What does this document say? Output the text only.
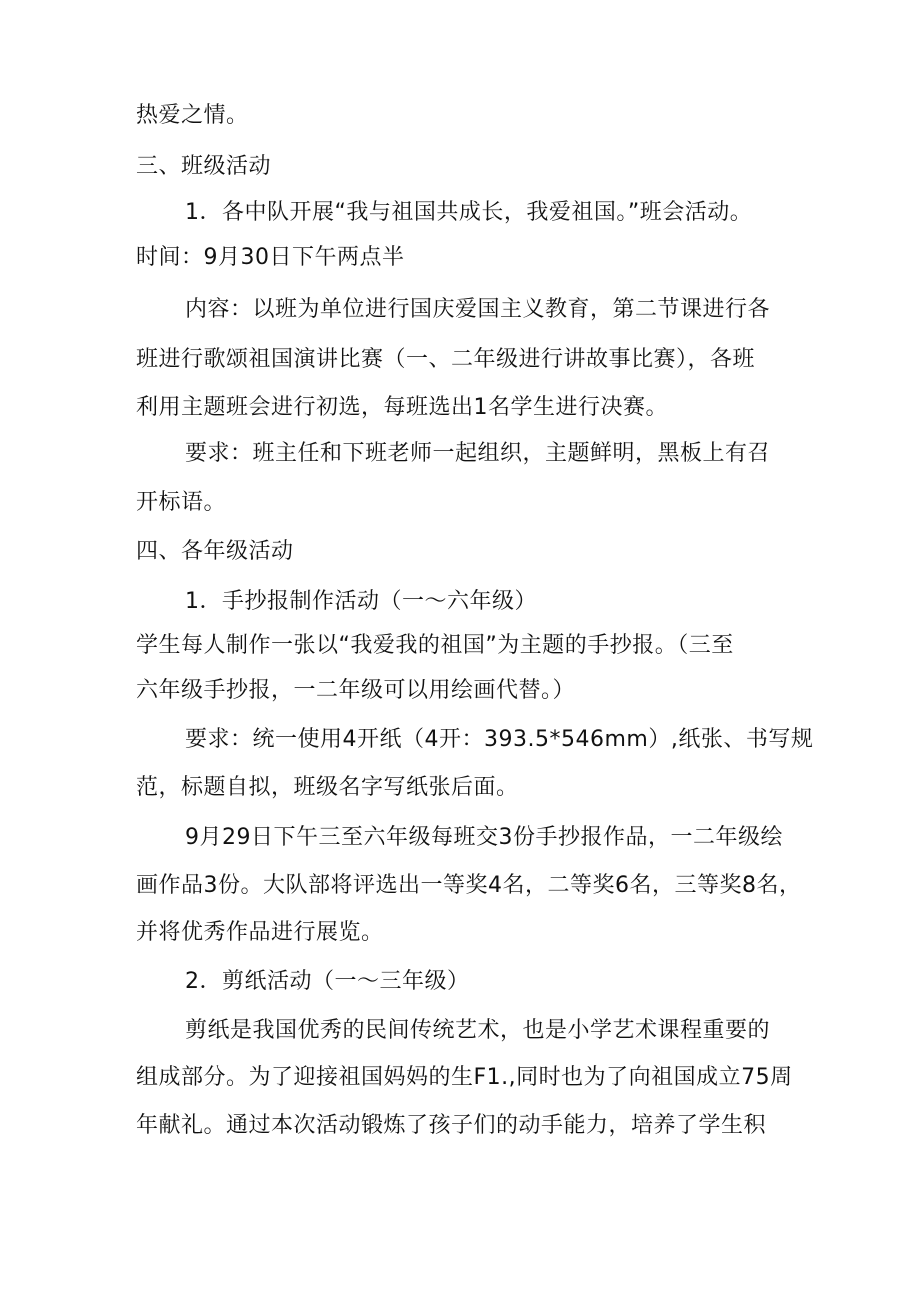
热爱之情。
三、班级活动
1．各中队开展“我与祖国共成长，我爱祖国。”班会活动。
时间：9月30日下午两点半
内容：以班为单位进行国庆爱国主义教育，第二节课进行各
班进行歌颂祖国演讲比赛（一、二年级进行讲故事比赛），各班
利用主题班会进行初选，每班选出1名学生进行决赛。
要求：班主任和下班老师一起组织，主题鲜明，黑板上有召
开标语。
四、各年级活动
1．手抄报制作活动（一～六年级）
学生每人制作一张以“我爱我的祖国”为主题的手抄报。（三至
六年级手抄报，一二年级可以用绘画代替。）
要求：统一使用4开纸（4开：393.5*546mm）,纸张、书写规
范，标题自拟，班级名字写纸张后面。
9月29日下午三至六年级每班交3份手抄报作品，一二年级绘
画作品3份。大队部将评选出一等奖4名，二等奖6名，三等奖8名，
并将优秀作品进行展览。
2．剪纸活动（一～三年级）
剪纸是我国优秀的民间传统艺术，也是小学艺术课程重要的
组成部分。为了迎接祖国妈妈的生F1.,同时也为了向祖国成立75周
年献礼。通过本次活动锻炼了孩子们的动手能力，培养了学生积
